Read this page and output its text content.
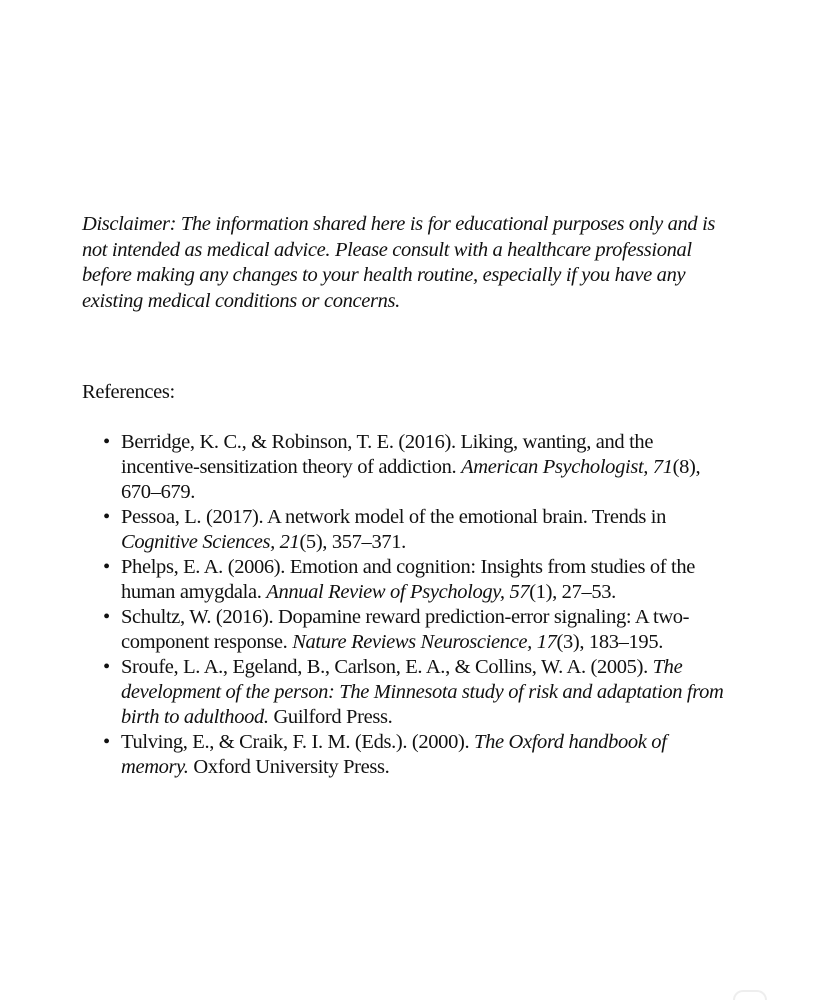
Disclaimer: The information shared here is for educational purposes only and is not intended as medical advice. Please consult with a healthcare professional before making any changes to your health routine, especially if you have any existing medical conditions or concerns.

References:
• Berridge, K. C., & Robinson, T. E. (2016). Liking, wanting, and the incentive-sensitization theory of addiction. American Psychologist, 71(8), 670–679.
• Pessoa, L. (2017). A network model of the emotional brain. Trends in Cognitive Sciences, 21(5), 357–371.
• Phelps, E. A. (2006). Emotion and cognition: Insights from studies of the human amygdala. Annual Review of Psychology, 57(1), 27–53.
• Schultz, W. (2016). Dopamine reward prediction-error signaling: A two-component response. Nature Reviews Neuroscience, 17(3), 183–195.
• Sroufe, L. A., Egeland, B., Carlson, E. A., & Collins, W. A. (2005). The development of the person: The Minnesota study of risk and adaptation from birth to adulthood. Guilford Press.
• Tulving, E., & Craik, F. I. M. (Eds.). (2000). The Oxford handbook of memory. Oxford University Press.
